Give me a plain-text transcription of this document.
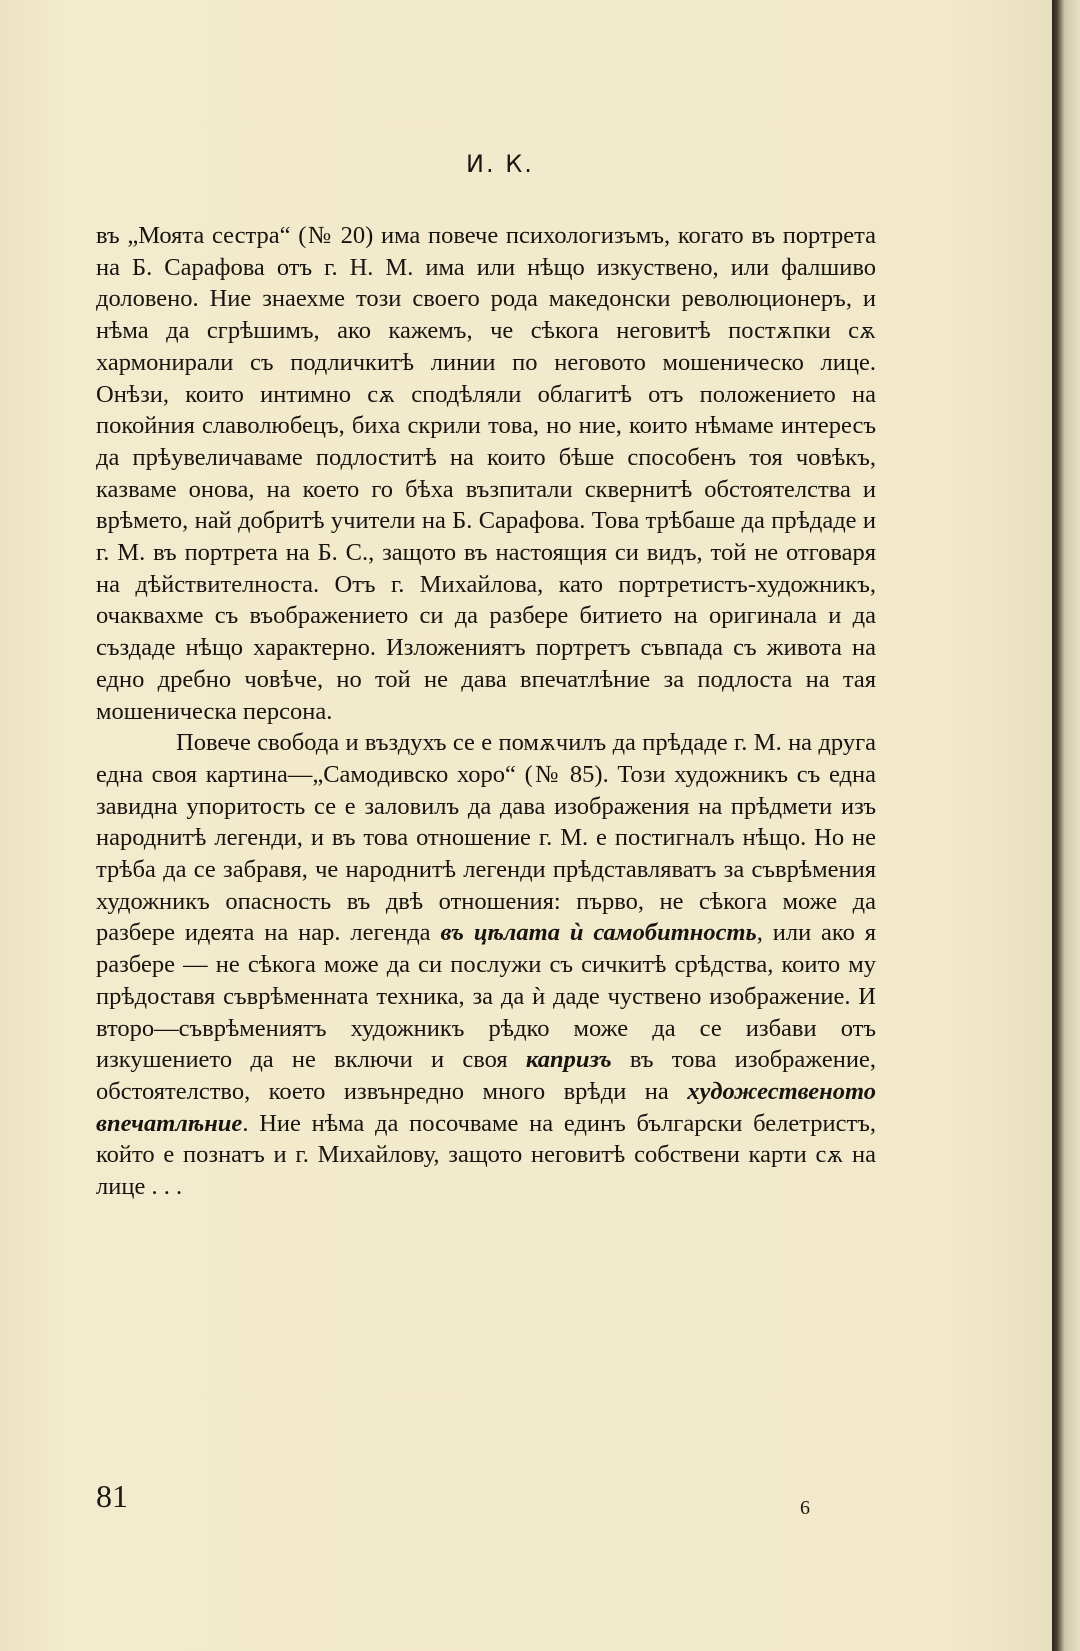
И. К.

въ „Моята сестра“ (№ 20) има повече психологизъмъ, когато въ портрета на Б. Сарафова отъ г. Н. М. има или нѣщо изкуствено, или фалшиво доловено. Ние знаехме този своего рода македонски революционеръ, и нѣма да сгрѣшимъ, ако кажемъ, че сѣкога неговитѣ постѫпки сѫ хармонирали съ подличкитѣ линии по неговото мошеническо лице. Онѣзи, които интимно сѫ сподѣляли облагитѣ отъ положението на покойния славолюбецъ, биха скрили това, но ние, които нѣмаме интересъ да прѣувеличаваме подлоститѣ на които бѣше способенъ тоя човѣкъ, казваме онова, на което го бѣха възпитали сквернитѣ обстоятелства и врѣмето, най добритѣ учители на Б. Сарафова. Това трѣбаше да прѣдаде и г. М. въ портрета на Б. С., защото въ настоящия си видъ, той не отговаря на дѣйствителноста. Отъ г. Михайлова, като портретистъ-художникъ, очаквахме съ въображението си да разбере битието на оригинала и да създаде нѣщо характерно. Изложениятъ портретъ съвпада съ живота на едно дребно човѣче, но той не дава впечатлѣние за подлоста на тая мошеническа персона.

Повече свобода и въздухъ се е помѫчилъ да прѣдаде г. М. на друга една своя картина—„Самодивско хоро“ (№ 85). Този художникъ съ една завидна упоритость се е заловилъ да дава изображения на прѣдмети изъ народнитѣ легенди, и въ това отношение г. М. е постигналъ нѣщо. Но не трѣба да се забравя, че народнитѣ легенди прѣдставляватъ за съврѣмения художникъ опасность въ двѣ отношения: първо, не сѣкога може да разбере идеята на нар. легенда въ цѣлата ѝ самобитность, или ако я разбере — не сѣкога може да си послужи съ сичкитѣ срѣдства, които му прѣдоставя съврѣменната техника, за да ѝ даде чуствено изображение. И второ—съврѣмениятъ художникъ рѣдко може да се избави отъ изкушението да не включи и своя капризъ въ това изображение, обстоятелство, което извънредно много врѣди на художественото впечатлѣние. Ние нѣма да посочваме на единъ български белетристъ, който е познатъ и г. Михайлову, защото неговитѣ собствени карти сѫ на лице . . .

81	6
